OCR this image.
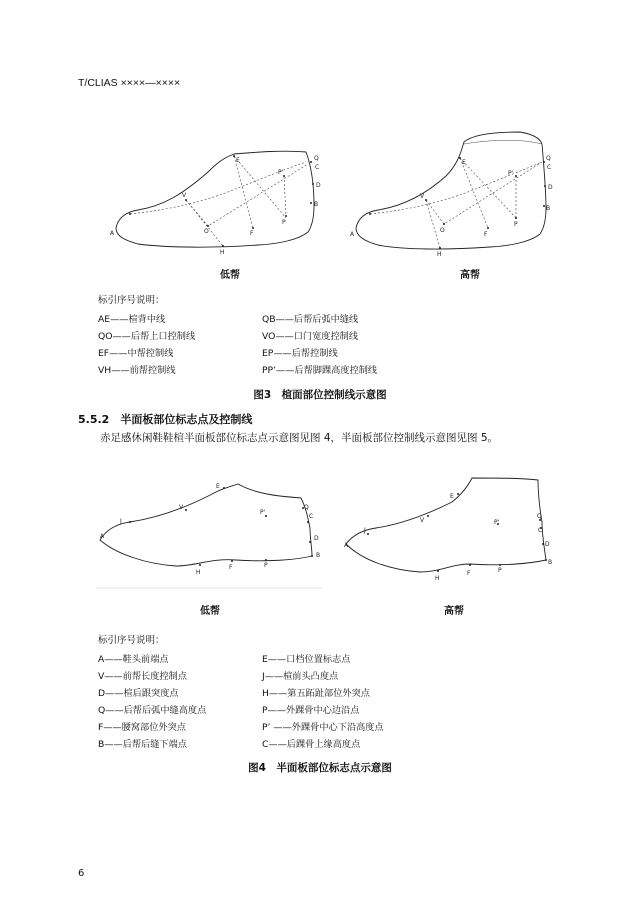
T/CLIAS ××××—××××
A
V
E
O
Q
C
D
B
P'
P
F
H
低帮
A
V
E
O
Q
C
D
B
P'
P
F
H
高帮
标引序号说明：
AE——楦背中线
QO——后帮上口控制线
EF——中帮控制线
VH——前帮控制线
QB——后帮后弧中缝线
VO——口门宽度控制线
EP——后帮控制线
PP’——后帮脚踝高度控制线
图3　楦面部位控制线示意图
5.5.2　半面板部位标志点及控制线
赤足感休闲鞋鞋楦半面板部位标志点示意图见图 4，半面板部位控制线示意图见图 5。
A
J
V
E
P'
Q
C
D
B
P
F
H
低帮
A
J
V
E
P'
Q
C
D
B
P
F
H
高帮
标引序号说明：
A——鞋头前端点
V——前帮长度控制点
D——楦后跟突度点
Q——后帮后弧中缝高度点
F——腰窝部位外突点
B——后帮后缝下端点
E——口档位置标志点
J——楦前头凸度点
H——第五跖趾部位外突点
P——外踝骨中心边沿点
P’ ——外踝骨中心下沿高度点
C——后踝骨上缘高度点
图4　半面板部位标志点示意图
6
